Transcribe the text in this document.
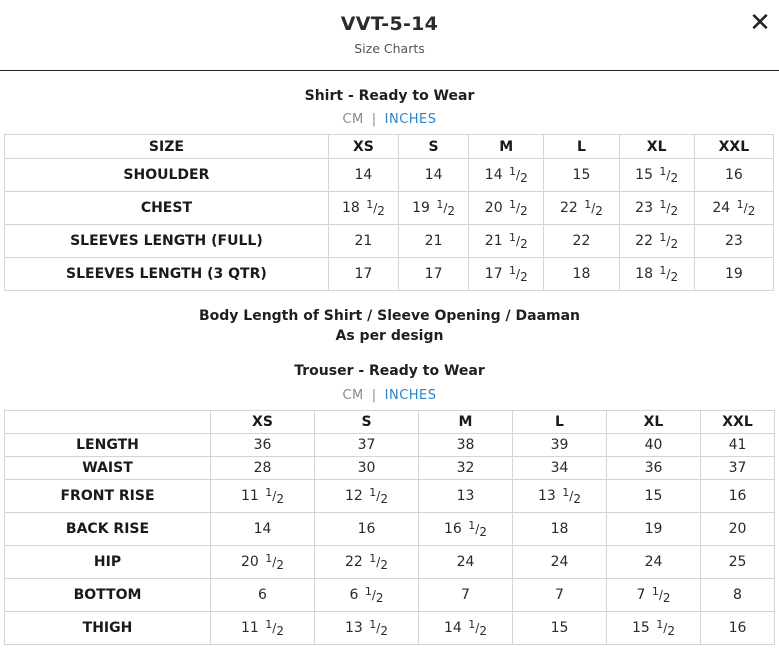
VVT-5-14
Size Charts
✕
Shirt - Ready to Wear
CM | INCHES
SIZE	XS	S	M	L	XL	XXL
SHOULDER	14	14	14 $^1/_2$	15	15 $^1/_2$	16
CHEST	18 $^1/_2$	19 $^1/_2$	20 $^1/_2$	22 $^1/_2$	23 $^1/_2$	24 $^1/_2$
SLEEVES LENGTH (FULL)	21	21	21 $^1/_2$	22	22 $^1/_2$	23
SLEEVES LENGTH (3 QTR)	17	17	17 $^1/_2$	18	18 $^1/_2$	19
Body Length of Shirt / Sleeve Opening / Daaman
As per design
Trouser - Ready to Wear
CM | INCHES
	XS	S	M	L	XL	XXL
LENGTH	36	37	38	39	40	41
WAIST	28	30	32	34	36	37
FRONT RISE	11 $^1/_2$	12 $^1/_2$	13	13 $^1/_2$	15	16
BACK RISE	14	16	16 $^1/_2$	18	19	20
HIP	20 $^1/_2$	22 $^1/_2$	24	24	24	25
BOTTOM	6	6 $^1/_2$	7	7	7 $^1/_2$	8
THIGH	11 $^1/_2$	13 $^1/_2$	14 $^1/_2$	15	15 $^1/_2$	16
